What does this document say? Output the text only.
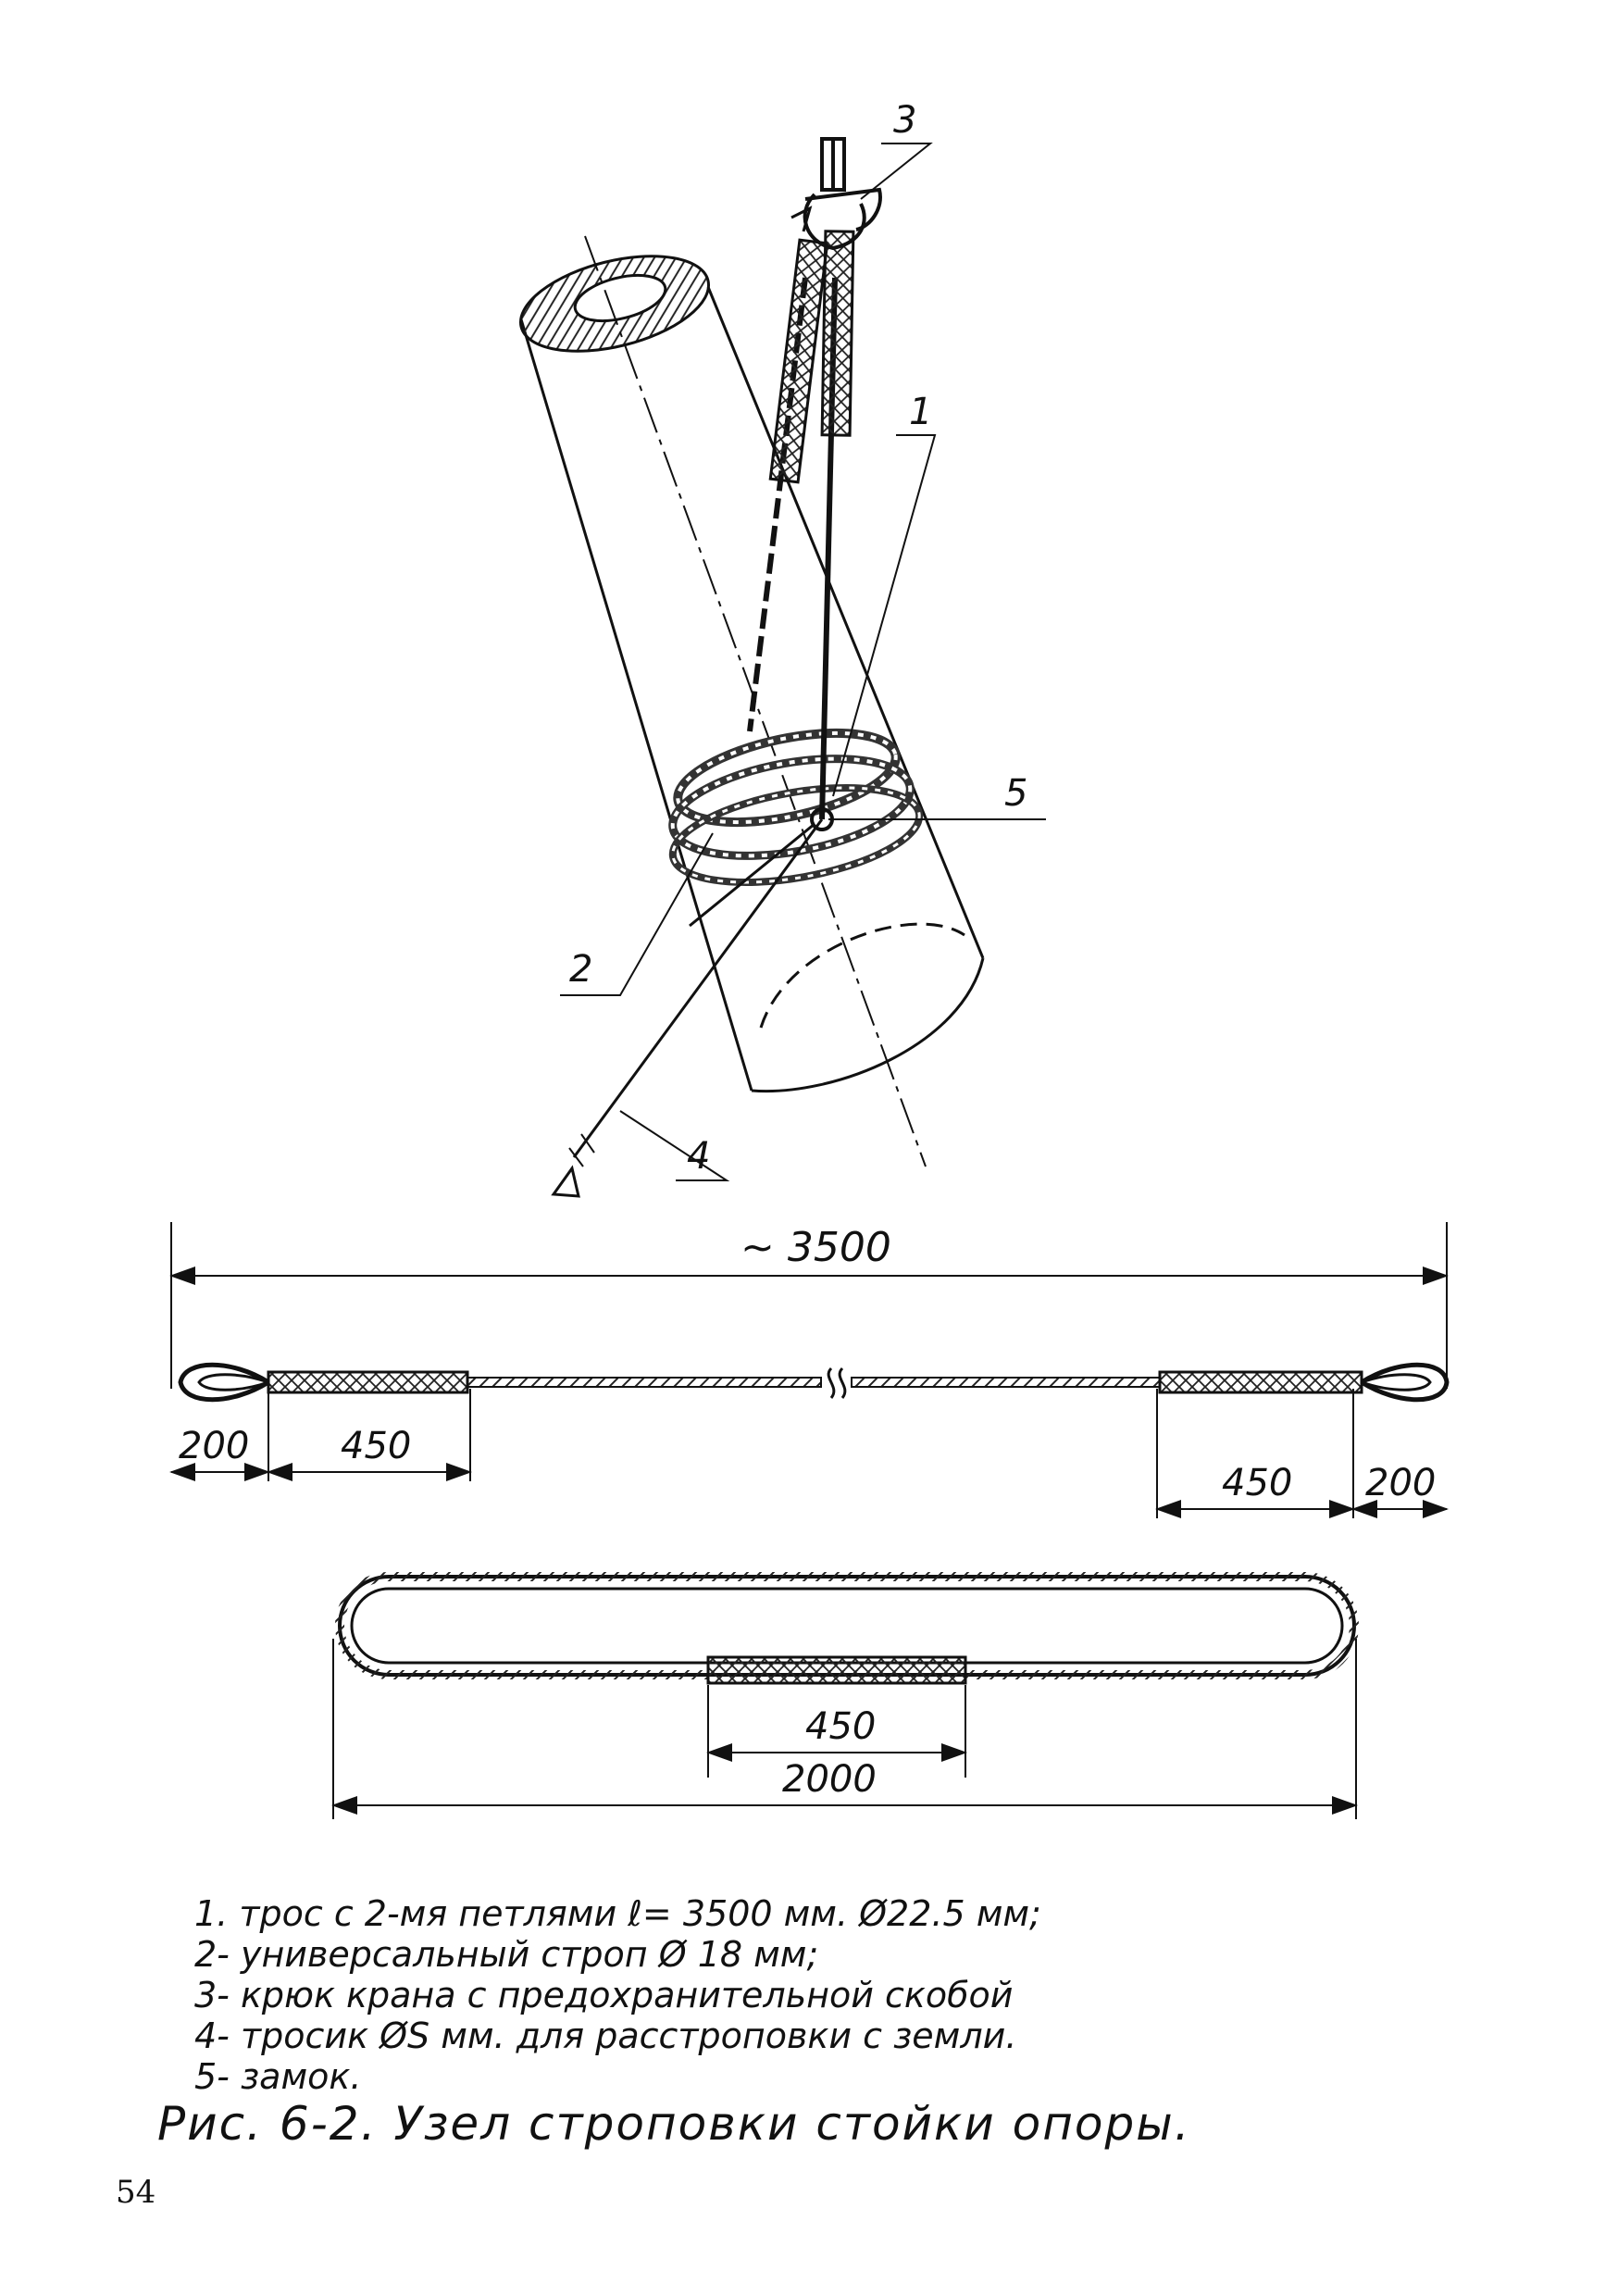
1
2
3
4
5
~ 3500
200 450
450 200
450
2000
1. трос с 2-мя петлями ℓ= 3500 мм. Ø22.5 мм;
2- универсальный строп Ø 18 мм;
3- крюк крана с предохранительной скобой
4- тросик ØS мм. для расстроповки с земли.
5- замок.
Рис. 6-2. Узел строповки стойки опоры.
54
